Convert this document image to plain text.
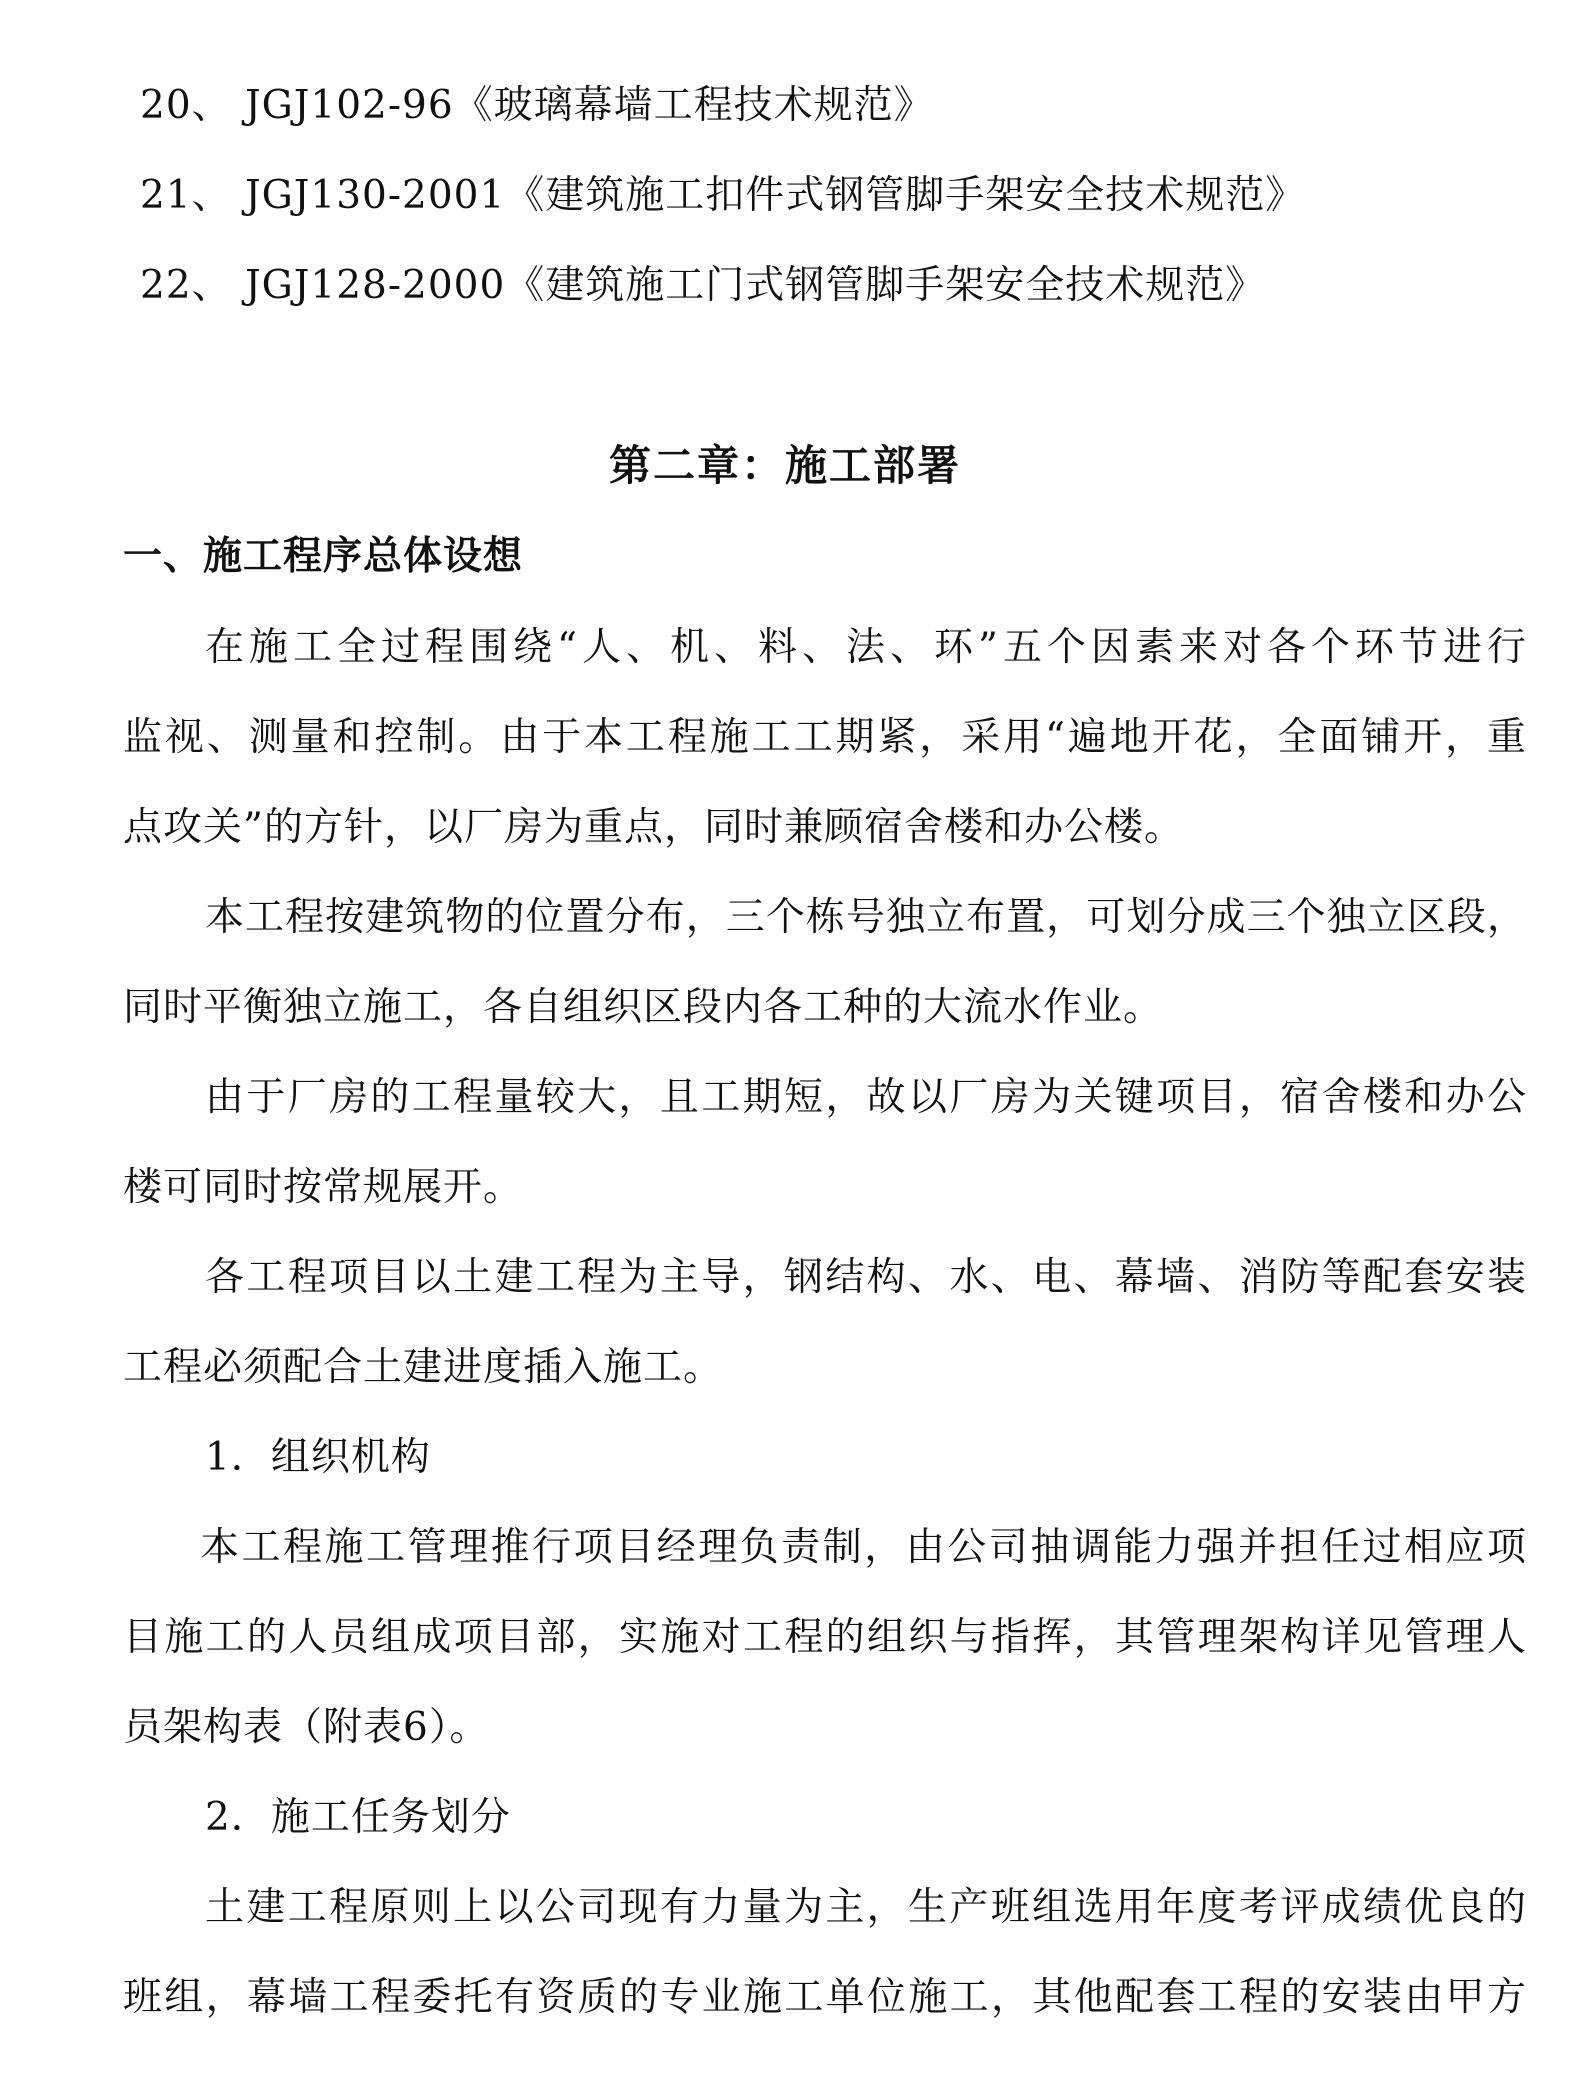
20、 JGJ102-96《玻璃幕墙工程技术规范》
21、 JGJ130-2001《建筑施工扣件式钢管脚手架安全技术规范》
22、 JGJ128-2000《建筑施工门式钢管脚手架安全技术规范》
第二章：施工部署
一、施工程序总体设想
在施工全过程围绕“人、机、料、法、环”五个因素来对各个环节进行
监视、测量和控制。由于本工程施工工期紧，采用“遍地开花，全面铺开，重
点攻关”的方针，以厂房为重点，同时兼顾宿舍楼和办公楼。
本工程按建筑物的位置分布，三个栋号独立布置，可划分成三个独立区段，
同时平衡独立施工，各自组织区段内各工种的大流水作业。
由于厂房的工程量较大，且工期短，故以厂房为关键项目，宿舍楼和办公
楼可同时按常规展开。
各工程项目以土建工程为主导，钢结构、水、电、幕墙、消防等配套安装
工程必须配合土建进度插入施工。
1．组织机构
本工程施工管理推行项目经理负责制，由公司抽调能力强并担任过相应项
目施工的人员组成项目部，实施对工程的组织与指挥，其管理架构详见管理人
员架构表（附表6）。
2．施工任务划分
土建工程原则上以公司现有力量为主，生产班组选用年度考评成绩优良的
班组，幕墙工程委托有资质的专业施工单位施工，其他配套工程的安装由甲方
